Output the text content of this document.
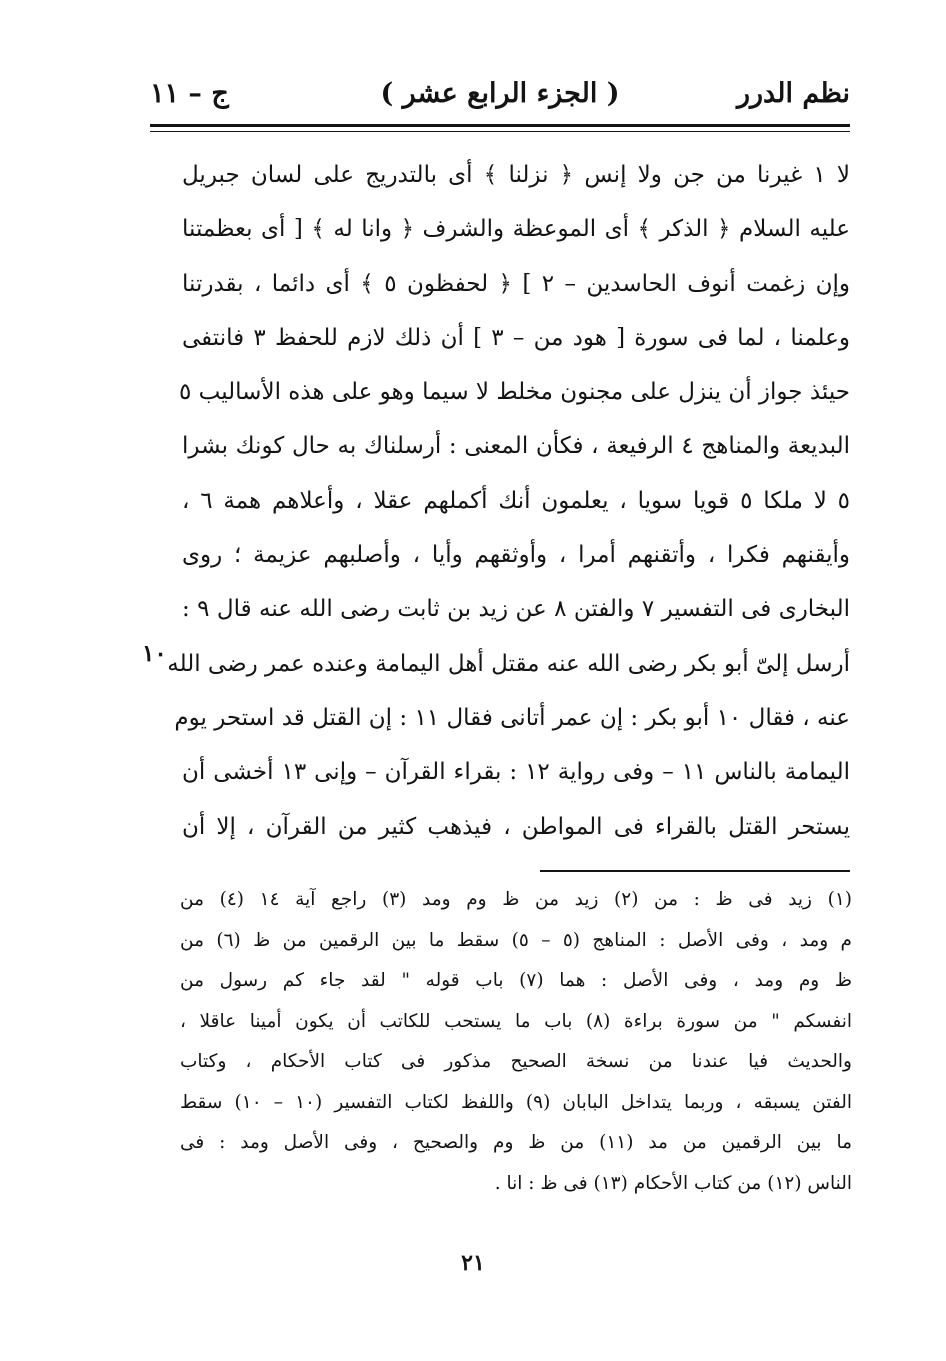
نظم الدرر
( الجزء الرابع عشر )
ج – ١١
لا ١ غيرنا من جن ولا إنس ﴿ نزلنا ﴾ أى بالتدريج على لسان جبريل
عليه السلام ﴿ الذكر ﴾ أى الموعظة والشرف ﴿ وانا له ﴾ [ أى بعظمتنا
وإن زغمت أنوف الحاسدين – ٢ ] ﴿ لحفظون ٥ ﴾ أى دائما ، بقدرتنا
وعلمنا ، لما فى سورة [ هود من – ٣ ] أن ذلك لازم للحفظ ٣ فانتفى
حيئذ جواز أن ينزل على مجنون مخلط لا سيما وهو على هذه الأساليب ٥
البديعة والمناهج ٤ الرفيعة ، فكأن المعنى : أرسلناك به حال كونك بشرا
٥ لا ملكا ٥ قويا سويا ، يعلمون أنك أكملهم عقلا ، وأعلاهم همة ٦ ،
وأيقنهم فكرا ، وأتقنهم أمرا ، وأوثقهم وأيا ، وأصلبهم عزيمة ؛ روى
البخارى فى التفسير ٧ والفتن ٨ عن زيد بن ثابت رضى الله عنه قال ٩ :
أرسل إلىّ أبو بكر رضى الله عنه مقتل أهل اليمامة وعنده عمر رضى الله
عنه ، فقال ١٠ أبو بكر : إن عمر أتانى فقال ١١ : إن القتل قد استحر يوم
اليمامة بالناس ١١ – وفى رواية ١٢ : بقراء القرآن – وإنى ١٣ أخشى أن
يستحر القتل بالقراء فى المواطن ، فيذهب كثير من القرآن ، إلا أن
١٠
(١) زيد فى ظ : من (٢) زيد من ظ وم ومد (٣) راجع آية ١٤ (٤) من
م ومد ، وفى الأصل : المناهج (٥ – ٥) سقط ما بين الرقمين من ظ (٦) من
ظ وم ومد ، وفى الأصل : هما (٧) باب قوله " لقد جاء كم رسول من
انفسكم " من سورة براءة (٨) باب ما يستحب للكاتب أن يكون أمينا عاقلا ،
والحديث فيا عندنا من نسخة الصحيح مذكور فى كتاب الأحكام ، وكتاب
الفتن يسبقه ، وربما يتداخل البابان (٩) واللفظ لكتاب التفسير (١٠ – ١٠) سقط
ما بين الرقمين من مد (١١) من ظ وم والصحيح ، وفى الأصل ومد : فى
الناس (١٢) من كتاب الأحكام (١٣) فى ظ : انا .
٢١
